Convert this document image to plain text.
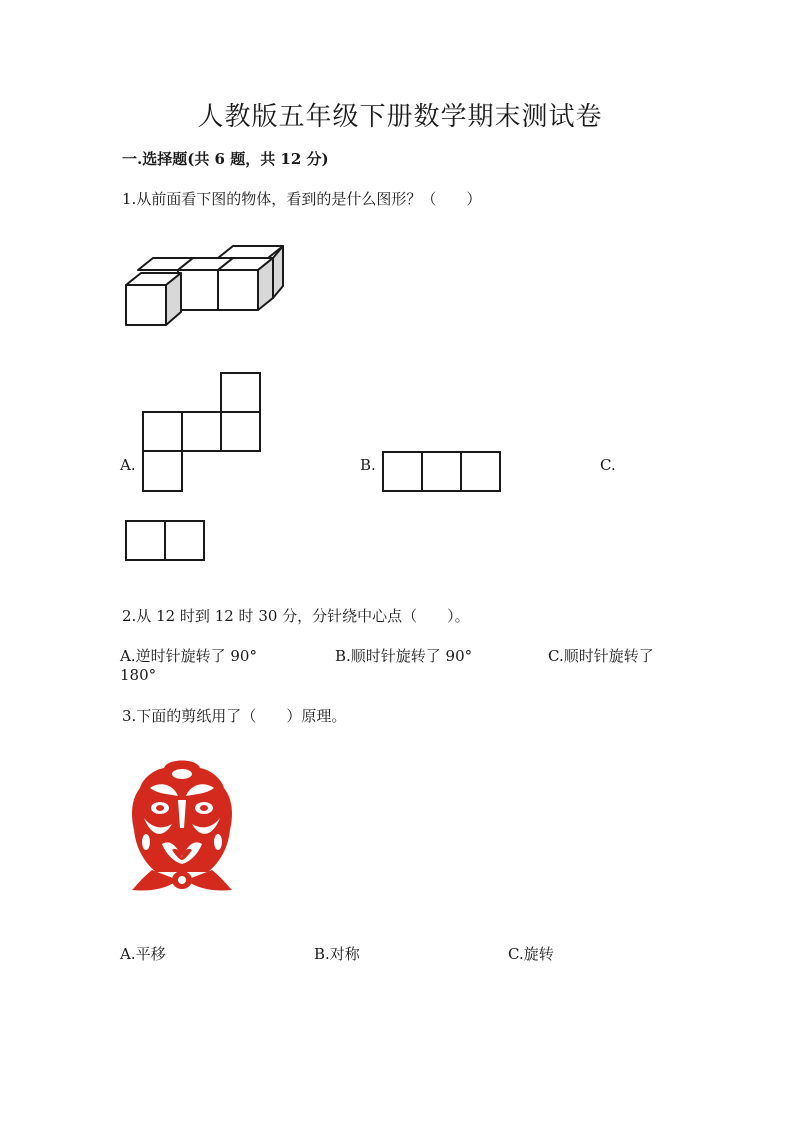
人教版五年级下册数学期末测试卷
一.选择题(共 6 题，共 12 分)
1.从前面看下图的物体，看到的是什么图形？（　　）
A.	B.	C.
2.从 12 时到 12 时 30 分，分针绕中心点（　　）。
A.逆时针旋转了 90°	B.顺时针旋转了 90°	C.顺时针旋转了
180°
3.下面的剪纸用了（　　）原理。
A.平移	B.对称	C.旋转
